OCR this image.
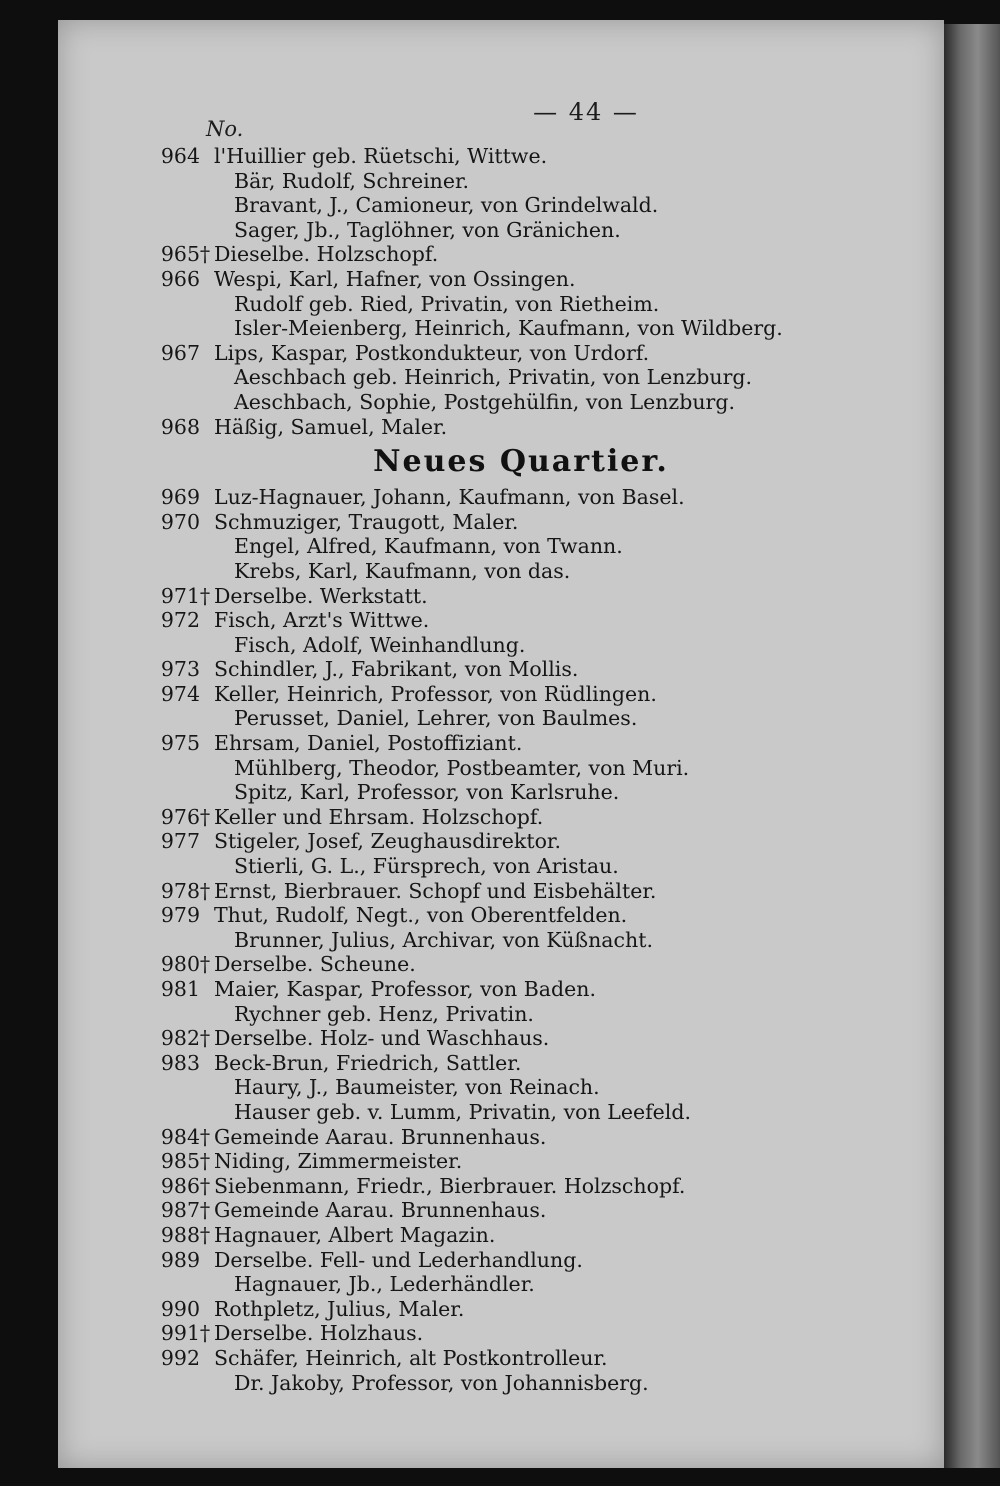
— 44 —
No.
964 l'Huillier geb. Rüetschi, Wittwe.
Bär, Rudolf, Schreiner.
Bravant, J., Camioneur, von Grindelwald.
Sager, Jb., Taglöhner, von Gränichen.
965 † Dieselbe. Holzschopf.
966 Wespi, Karl, Hafner, von Ossingen.
Rudolf geb. Ried, Privatin, von Rietheim.
Isler-Meienberg, Heinrich, Kaufmann, von Wildberg.
967 Lips, Kaspar, Postkondukteur, von Urdorf.
Aeschbach geb. Heinrich, Privatin, von Lenzburg.
Aeschbach, Sophie, Postgehülfin, von Lenzburg.
968 Häßig, Samuel, Maler.
Neues Quartier.
969 Luz-Hagnauer, Johann, Kaufmann, von Basel.
970 Schmuziger, Traugott, Maler.
Engel, Alfred, Kaufmann, von Twann.
Krebs, Karl, Kaufmann, von das.
971 † Derselbe. Werkstatt.
972 Fisch, Arzt's Wittwe.
Fisch, Adolf, Weinhandlung.
973 Schindler, J., Fabrikant, von Mollis.
974 Keller, Heinrich, Professor, von Rüdlingen.
Perusset, Daniel, Lehrer, von Baulmes.
975 Ehrsam, Daniel, Postoffiziant.
Mühlberg, Theodor, Postbeamter, von Muri.
Spitz, Karl, Professor, von Karlsruhe.
976 † Keller und Ehrsam. Holzschopf.
977 Stigeler, Josef, Zeughausdirektor.
Stierli, G. L., Fürsprech, von Aristau.
978 † Ernst, Bierbrauer. Schopf und Eisbehälter.
979 Thut, Rudolf, Negt., von Oberentfelden.
Brunner, Julius, Archivar, von Küßnacht.
980 † Derselbe. Scheune.
981 Maier, Kaspar, Professor, von Baden.
Rychner geb. Henz, Privatin.
982 † Derselbe. Holz- und Waschhaus.
983 Beck-Brun, Friedrich, Sattler.
Haury, J., Baumeister, von Reinach.
Hauser geb. v. Lumm, Privatin, von Leefeld.
984 † Gemeinde Aarau. Brunnenhaus.
985 † Niding, Zimmermeister.
986 † Siebenmann, Friedr., Bierbrauer. Holzschopf.
987 † Gemeinde Aarau. Brunnenhaus.
988 † Hagnauer, Albert Magazin.
989 Derselbe. Fell- und Lederhandlung.
Hagnauer, Jb., Lederhändler.
990 Rothpletz, Julius, Maler.
991 † Derselbe. Holzhaus.
992 Schäfer, Heinrich, alt Postkontrolleur.
Dr. Jakoby, Professor, von Johannisberg.
